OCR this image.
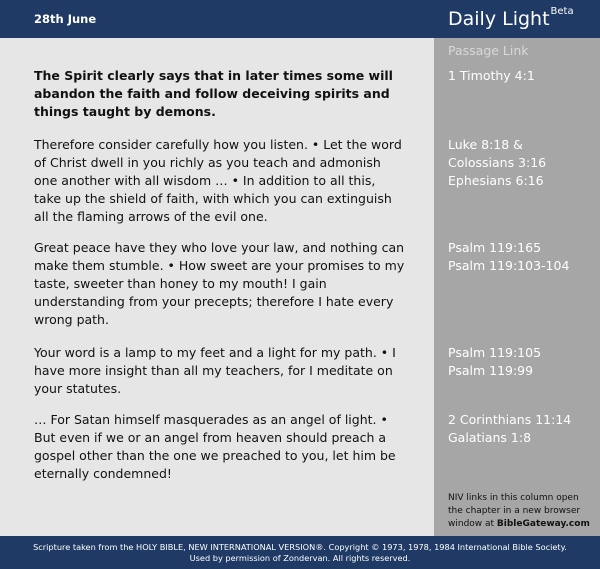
28th June	Daily Light$^{Beta}$

The Spirit clearly says that in later times some will abandon the faith and follow deceiving spirits and things taught by demons.

Therefore consider carefully how you listen. • Let the word of Christ dwell in you richly as you teach and admonish one another with all wisdom … • In addition to all this, take up the shield of faith, with which you can extinguish all the flaming arrows of the evil one.

Great peace have they who love your law, and nothing can make them stumble. • How sweet are your promises to my taste, sweeter than honey to my mouth! I gain understanding from your precepts; therefore I hate every wrong path.

Your word is a lamp to my feet and a light for my path. • I have more insight than all my teachers, for I meditate on your statutes.

… For Satan himself masquerades as an angel of light. • But even if we or an angel from heaven should preach a gospel other than the one we preached to you, let him be eternally condemned!

Passage Link
1 Timothy 4:1
Luke 8:18 &
Colossians 3:16
Ephesians 6:16
Psalm 119:165
Psalm 119:103-104
Psalm 119:105
Psalm 119:99
2 Corinthians 11:14
Galatians 1:8
NIV links in this column open the chapter in a new browser window at BibleGateway.com
Scripture taken from the HOLY BIBLE, NEW INTERNATIONAL VERSION®. Copyright © 1973, 1978, 1984 International Bible Society.
Used by permission of Zondervan. All rights reserved.
